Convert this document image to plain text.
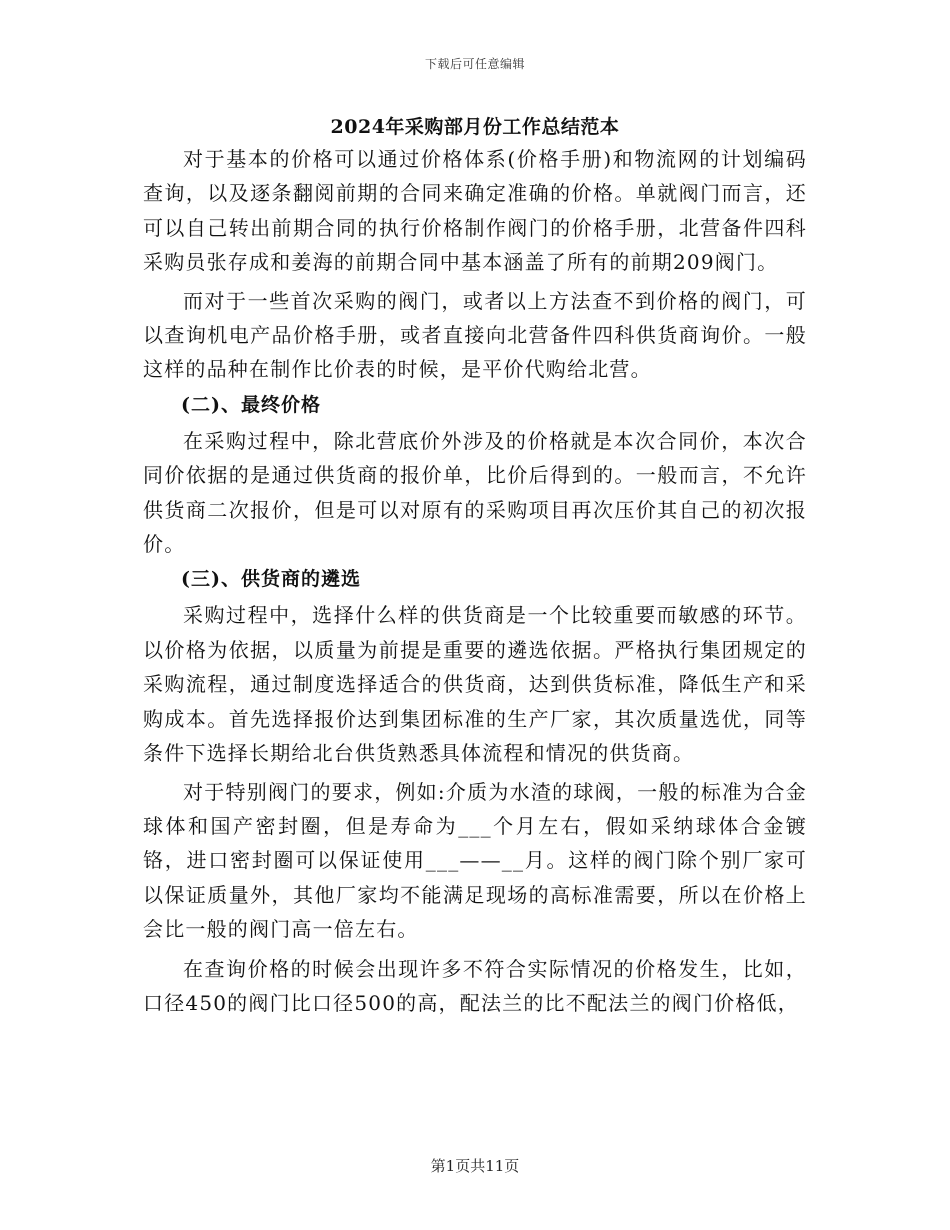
下载后可任意编辑

2024年采购部月份工作总结范本

对于基本的价格可以通过价格体系(价格手册)和物流网的计划编码查询，以及逐条翻阅前期的合同来确定准确的价格。单就阀门而言，还可以自己转出前期合同的执行价格制作阀门的价格手册，北营备件四科采购员张存成和姜海的前期合同中基本涵盖了所有的前期209阀门。

而对于一些首次采购的阀门，或者以上方法查不到价格的阀门，可以查询机电产品价格手册，或者直接向北营备件四科供货商询价。一般这样的品种在制作比价表的时候，是平价代购给北营。

(二)、最终价格

在采购过程中，除北营底价外涉及的价格就是本次合同价，本次合同价依据的是通过供货商的报价单，比价后得到的。一般而言，不允许供货商二次报价，但是可以对原有的采购项目再次压价其自己的初次报价。

(三)、供货商的遴选

采购过程中，选择什么样的供货商是一个比较重要而敏感的环节。以价格为依据，以质量为前提是重要的遴选依据。严格执行集团规定的采购流程，通过制度选择适合的供货商，达到供货标准，降低生产和采购成本。首先选择报价达到集团标准的生产厂家，其次质量选优，同等条件下选择长期给北台供货熟悉具体流程和情况的供货商。

对于特别阀门的要求，例如:介质为水渣的球阀，一般的标准为合金球体和国产密封圈，但是寿命为___个月左右，假如采纳球体合金镀铬，进口密封圈可以保证使用___——__月。这样的阀门除个别厂家可以保证质量外，其他厂家均不能满足现场的高标准需要，所以在价格上会比一般的阀门高一倍左右。

在查询价格的时候会出现许多不符合实际情况的价格发生，比如，口径450的阀门比口径500的高，配法兰的比不配法兰的阀门价格低，

第1页共11页
